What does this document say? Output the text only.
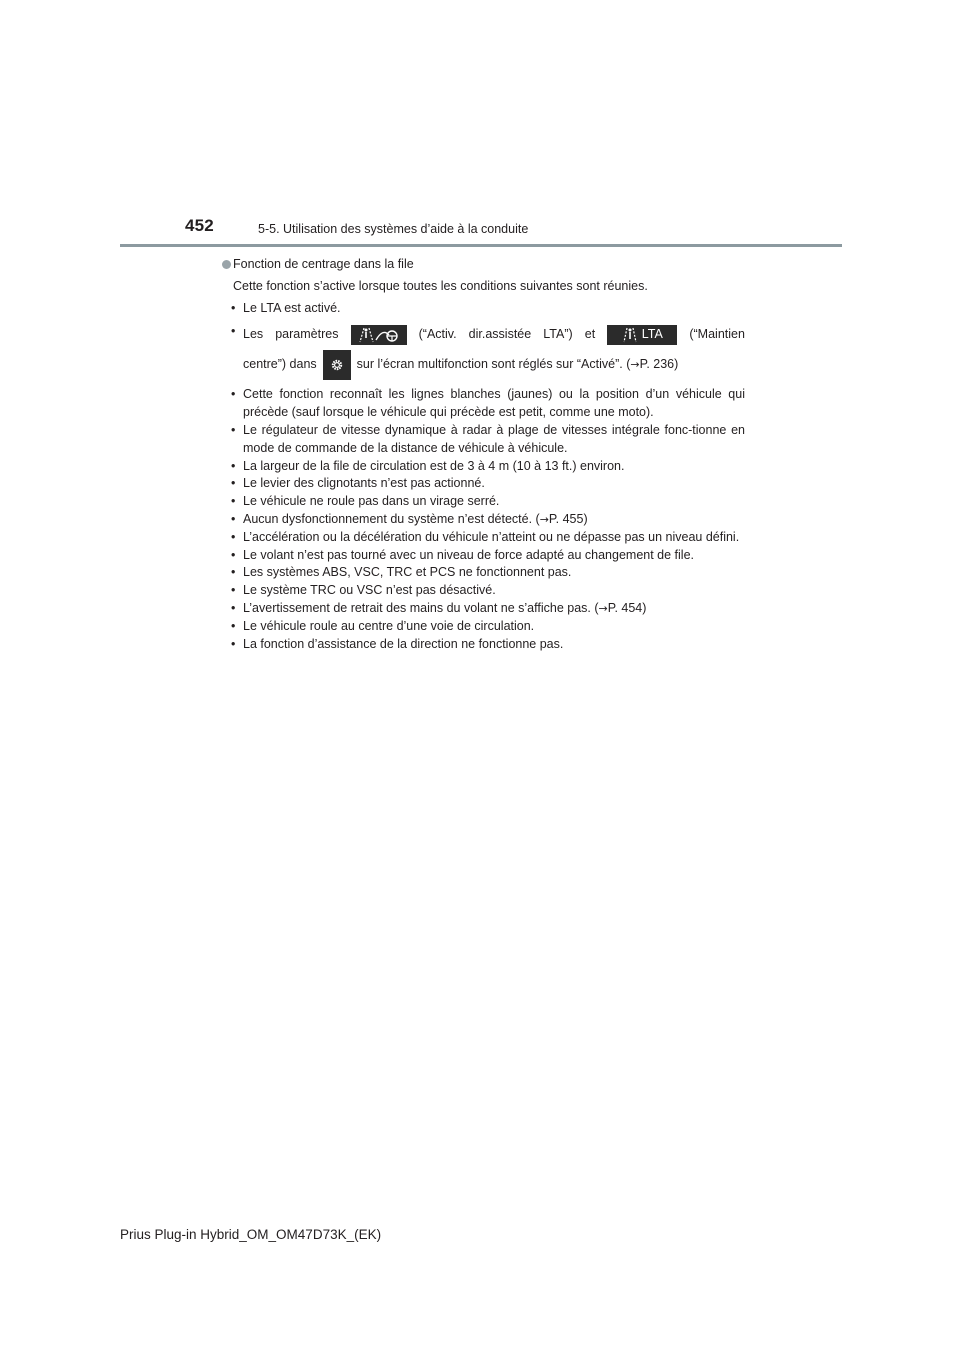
452	5-5. Utilisation des systèmes d’aide à la conduite
Fonction de centrage dans la file
Cette fonction s’active lorsque toutes les conditions suivantes sont réunies.
• Le LTA est activé.
• Les paramètres	(“Activ. dir.assistée LTA”) et	LTA (“Maintien
centre”) dans	sur l’écran multifonction sont réglés sur “Activé”. ( → P. 236)
• Cette fonction reconnaît les lignes blanches (jaunes) ou la position d’un véhicule qui précède (sauf lorsque le véhicule qui précède est petit, comme une moto).
• Le régulateur de vitesse dynamique à radar à plage de vitesses intégrale fonc-tionne en mode de commande de la distance de véhicule à véhicule.
• La largeur de la file de circulation est de 3 à 4 m (10 à 13 ft.) environ.
• Le levier des clignotants n’est pas actionné.
• Le véhicule ne roule pas dans un virage serré.
• Aucun dysfonctionnement du système n’est détecté. (→P. 455)
• L’accélération ou la décélération du véhicule n’atteint ou ne dépasse pas un niveau défini.
• Le volant n’est pas tourné avec un niveau de force adapté au changement de file.
• Les systèmes ABS, VSC, TRC et PCS ne fonctionnent pas.
• Le système TRC ou VSC n’est pas désactivé.
• L’avertissement de retrait des mains du volant ne s’affiche pas. (→P. 454)
• Le véhicule roule au centre d’une voie de circulation.
• La fonction d’assistance de la direction ne fonctionne pas.
Prius Plug-in Hybrid_OM_OM47D73K_(EK)
